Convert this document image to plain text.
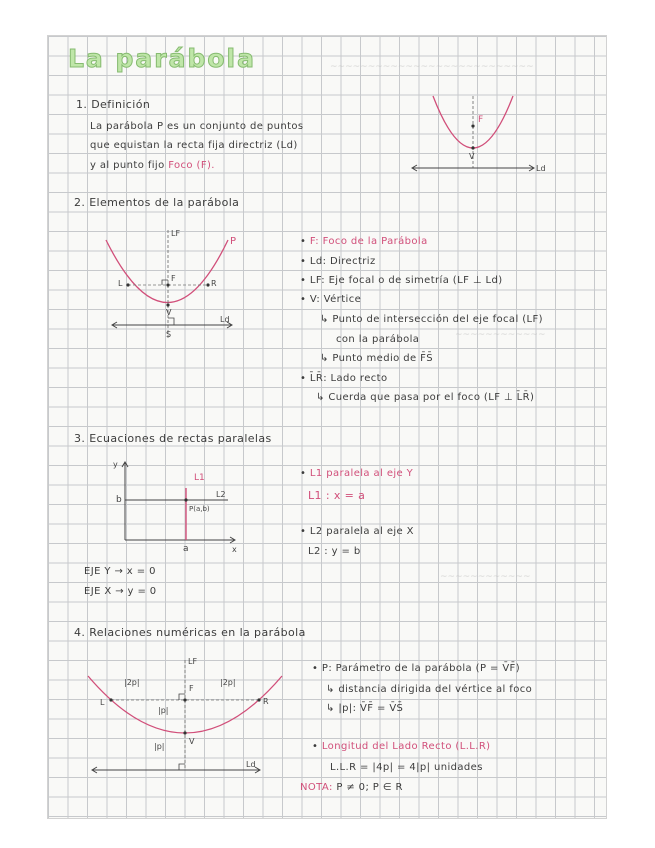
~~~~~~~~~~~~~~~~~~~~~~~~~~~
~~~~~~~~~~~~
~~~~~~~~~~~~
La parábola
1. Definición
La parábola P es un conjunto de puntos
que equistan la recta fija directriz (Ld)
y al punto fijo Foco (F).
2. Elementos de la parábola
• F: Foco de la Parábola
• Ld: Directriz
• LF: Eje focal o de simetría (LF ⊥ Ld)
• V: Vértice
↳ Punto de intersección del eje focal (LF)
con la parábola
↳ Punto medio de F̄S̄
• L̄R̄: Lado recto
↳ Cuerda que pasa por el foco (LF ⊥ L̄R̄)
3. Ecuaciones de rectas paralelas
• L1 paralela al eje Y
L1 : x = a
• L2 paralela al eje X
L2 : y = b
EJE Y → x = 0
EJE X → y = 0
4. Relaciones numéricas en la parábola
• P: Parámetro de la parábola (P = V̄F̄)
↳ distancia dirigida del vértice al foco
↳ |p|: V̄F̄ = V̄S̄
• Longitud del Lado Recto (L.L.R)
L.L.R = |4p| = 4|p| unidades
NOTA: P ≠ 0; P ∈ R
F
V
Ld
LF
P
L
F
R
V
S
Ld
y
x
b
a
L1
L2
P(a,b)
LF
|2p|	|2p|
|p|
|p|
L
F
R
V
Ld
